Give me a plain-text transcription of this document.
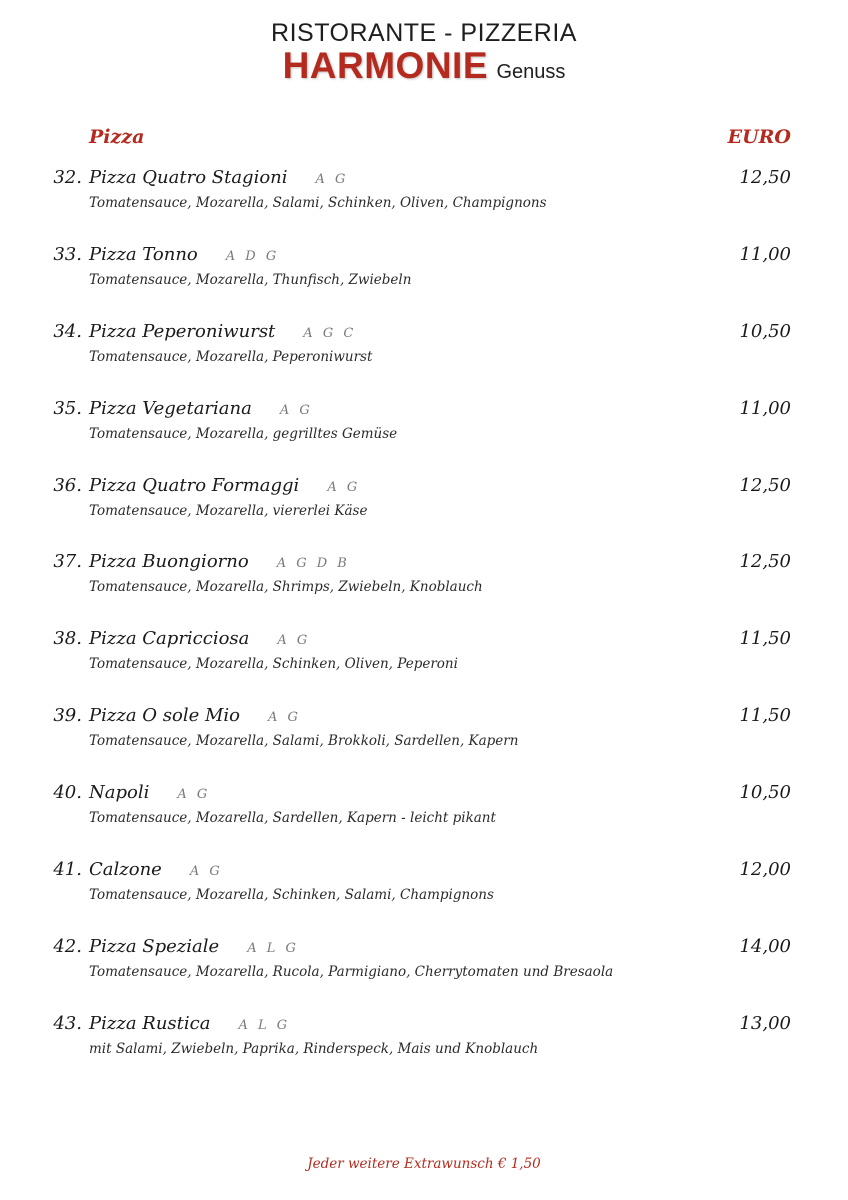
RISTORANTE - PIZZERIA
HARMONIE Genuss
Pizza	EURO
32. Pizza Quatro Stagioni A G	12,50
Tomatensauce, Mozarella, Salami, Schinken, Oliven, Champignons
33. Pizza Tonno A D G	11,00
Tomatensauce, Mozarella, Thunfisch, Zwiebeln
34. Pizza Peperoniwurst A G C	10,50
Tomatensauce, Mozarella, Peperoniwurst
35. Pizza Vegetariana A G	11,00
Tomatensauce, Mozarella, gegrilltes Gemüse
36. Pizza Quatro Formaggi A G	12,50
Tomatensauce, Mozarella, viererlei Käse
37. Pizza Buongiorno A G D B	12,50
Tomatensauce, Mozarella, Shrimps, Zwiebeln, Knoblauch
38. Pizza Capricciosa A G	11,50
Tomatensauce, Mozarella, Schinken, Oliven, Peperoni
39. Pizza O sole Mio A G	11,50
Tomatensauce, Mozarella, Salami, Brokkoli, Sardellen, Kapern
40. Napoli A G	10,50
Tomatensauce, Mozarella, Sardellen, Kapern - leicht pikant
41. Calzone A G	12,00
Tomatensauce, Mozarella, Schinken, Salami, Champignons
42. Pizza Speziale A L G	14,00
Tomatensauce, Mozarella, Rucola, Parmigiano, Cherrytomaten und Bresaola
43. Pizza Rustica A L G	13,00
mit Salami, Zwiebeln, Paprika, Rinderspeck, Mais und Knoblauch
Jeder weitere Extrawunsch € 1,50
